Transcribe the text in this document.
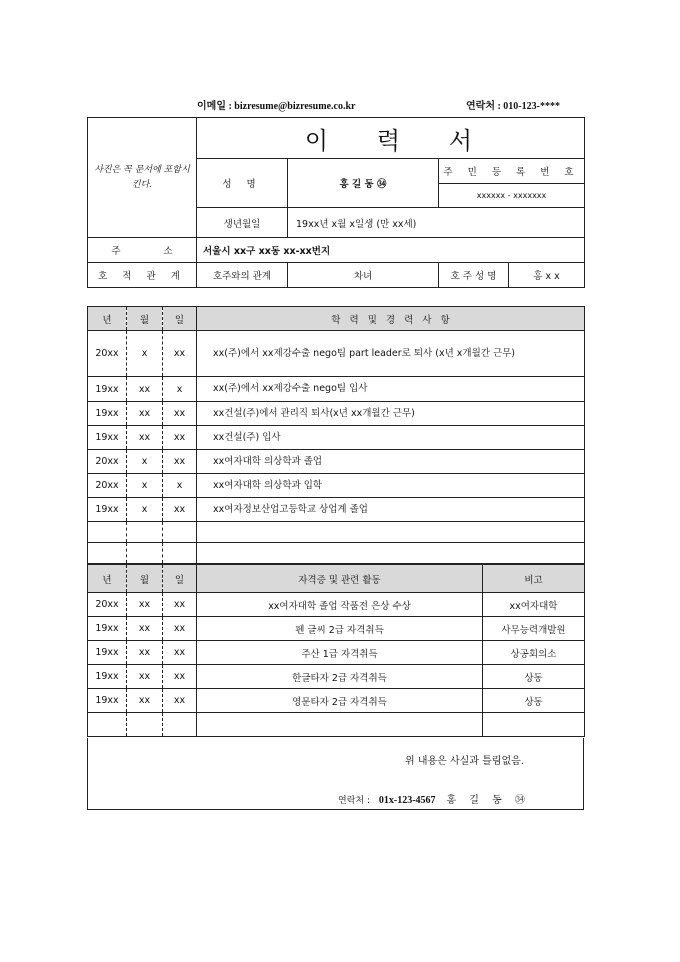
이메일 : bizresume@bizresume.co.kr	연락처 : 010-123-****
사진은 꼭 문서에 포함시킨다.	이 력 서			
	성 명	홍 길 동 ㉞	주 민 등 록 번 호	
			xxxxxx - xxxxxxx	
	생년월일	19xx년 x월 x일생 (만 xx세)		
주 소	서울시 xx구 xx동 xx-xx번지			
호 적 관 계	호주와의 관계	차녀	호 주 성 명	홍 x x
년	월	일	학 력 및 경 력 사 항
20xx	x	xx	xx(주)에서 xx제강수출 nego팀 part leader로 퇴사 (x년 x개월간 근무)
19xx	xx	x	xx(주)에서 xx제강수출 nego팀 입사
19xx	xx	xx	xx건설(주)에서 관리직 퇴사(x년 xx개월간 근무)
19xx	xx	xx	xx건설(주) 입사
20xx	x	xx	xx여자대학 의상학과 졸업
20xx	x	x	xx여자대학 의상학과 입학
19xx	x	xx	xx여자정보산업고등학교 상업계 졸업

년	월	일	자격증 및 관련 활동	비고
20xx	xx	xx	xx여자대학 졸업 작품전 은상 수상	xx여자대학
19xx	xx	xx	펜 글씨 2급 자격취득	사무능력개발원
19xx	xx	xx	주산 1급 자격취득	상공회의소
19xx	xx	xx	한글타자 2급 자격취득	상동
19xx	xx	xx	영문타자 2급 자격취득	상동

위 내용은 사실과 틀림없음.
연락처 : 01x-123-4567 홍 길 동 ㉞
